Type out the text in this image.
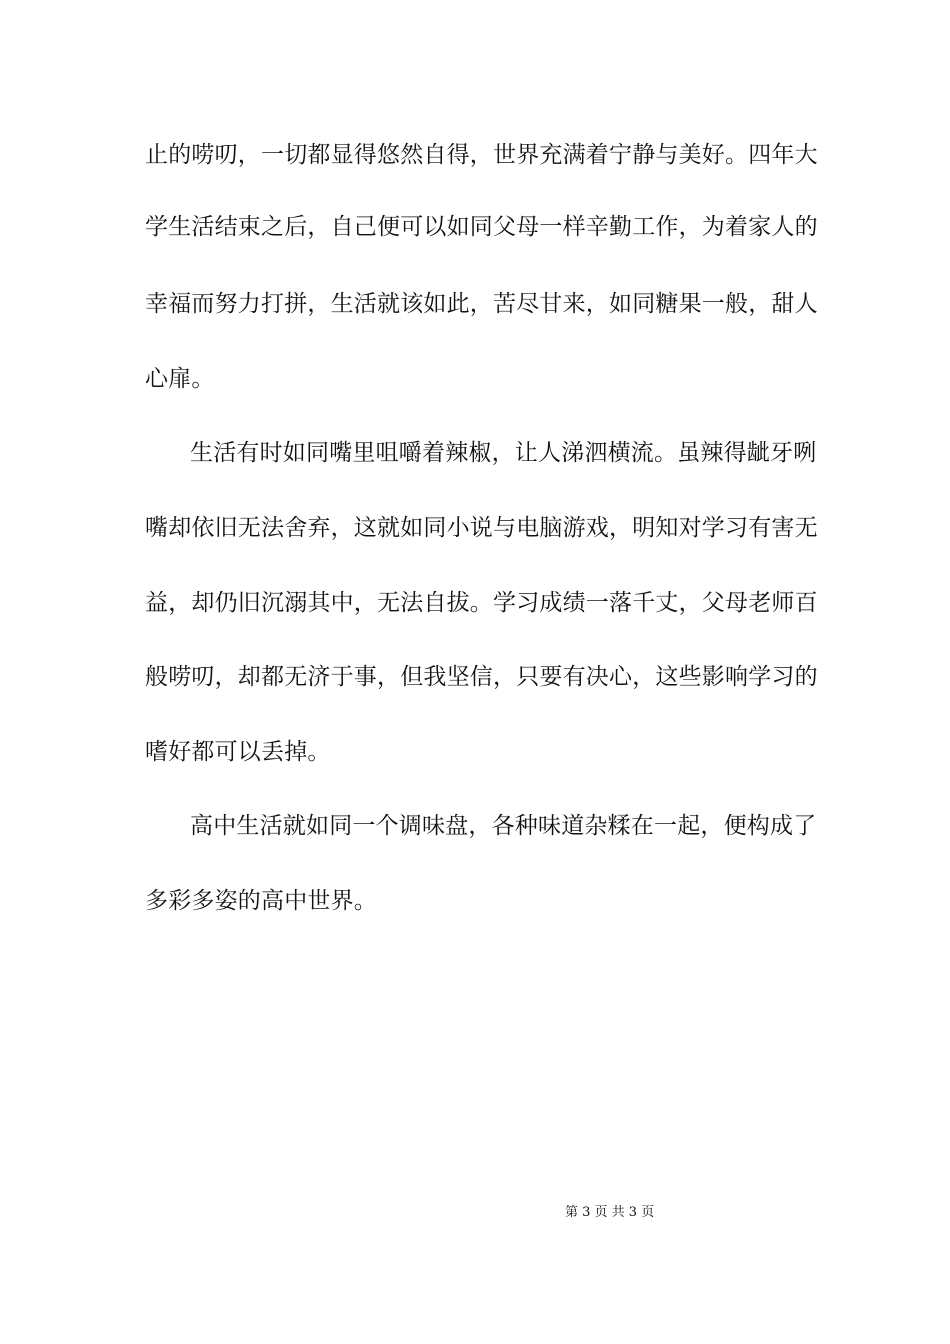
止的唠叨，一切都显得悠然自得，世界充满着宁静与美好。四年大
学生活结束之后，自己便可以如同父母一样辛勤工作，为着家人的
幸福而努力打拼，生活就该如此，苦尽甘来，如同糖果一般，甜人
心扉。
生活有时如同嘴里咀嚼着辣椒，让人涕泗横流。虽辣得龇牙咧
嘴却依旧无法舍弃，这就如同小说与电脑游戏，明知对学习有害无
益，却仍旧沉溺其中，无法自拔。学习成绩一落千丈，父母老师百
般唠叨，却都无济于事，但我坚信，只要有决心，这些影响学习的
嗜好都可以丢掉。
高中生活就如同一个调味盘，各种味道杂糅在一起，便构成了
多彩多姿的高中世界。
第 3 页 共 3 页
